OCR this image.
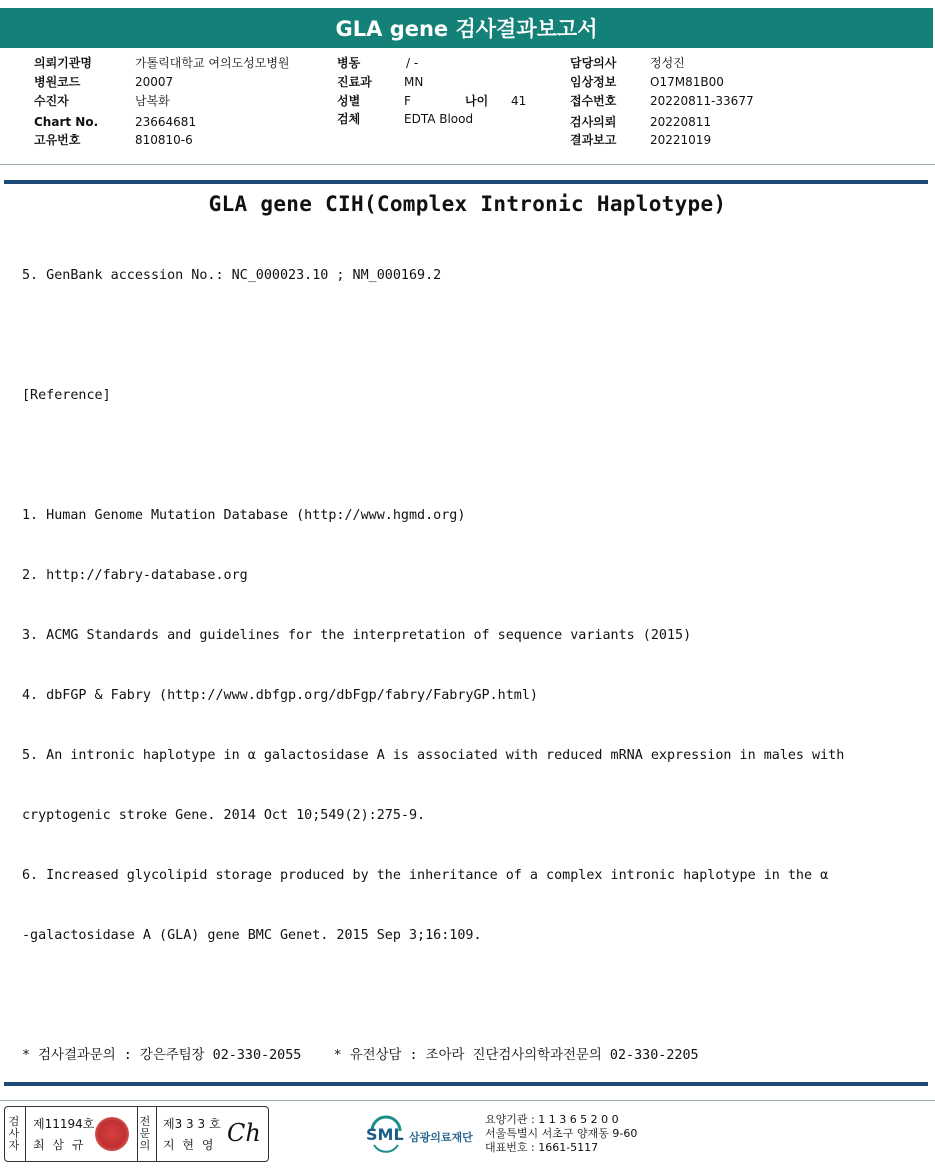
GLA gene 검사결과보고서
의뢰기관명	가톨릭대학교 여의도성모병원
병원코드	20007
수진자	남복화
Chart No.	23664681
고유번호	810810-6
병동	/ -
진료과	MN
성별	F	나이 41
검체	EDTA Blood
담당의사	정성진
임상정보	O17M81B00
접수번호	20220811-33677
검사의뢰	20220811
결과보고	20221019
GLA gene CIH(Complex Intronic Haplotype)

5. GenBank accession No.: NC_000023.10 ; NM_000169.2

[Reference]

1. Human Genome Mutation Database (http://www.hgmd.org)

2. http://fabry-database.org

3. ACMG Standards and guidelines for the interpretation of sequence variants (2015)

4. dbFGP & Fabry (http://www.dbfgp.org/dbFgp/fabry/FabryGP.html)

5. An intronic haplotype in α galactosidase A is associated with reduced mRNA expression in males with

cryptogenic stroke Gene. 2014 Oct 10;549(2):275-9.

6. Increased glycolipid storage produced by the inheritance of a complex intronic haplotype in the α

-galactosidase A (GLA) gene BMC Genet. 2015 Sep 3;16:109.

* 검사결과문의 : 강은주팀장 02-330-2055    * 유전상담 : 조아라 진단검사의학과전문의 02-330-2205

검사자
제11194호
최 삼 규
전문의
제3 3 3 호
지 현 영 Ch	SML 삼광의료재단
요양기관 : 1 1 3 6 5 2 0 0
서울특별시 서초구 양재동 9-60
대표번호 : 1661-5117
